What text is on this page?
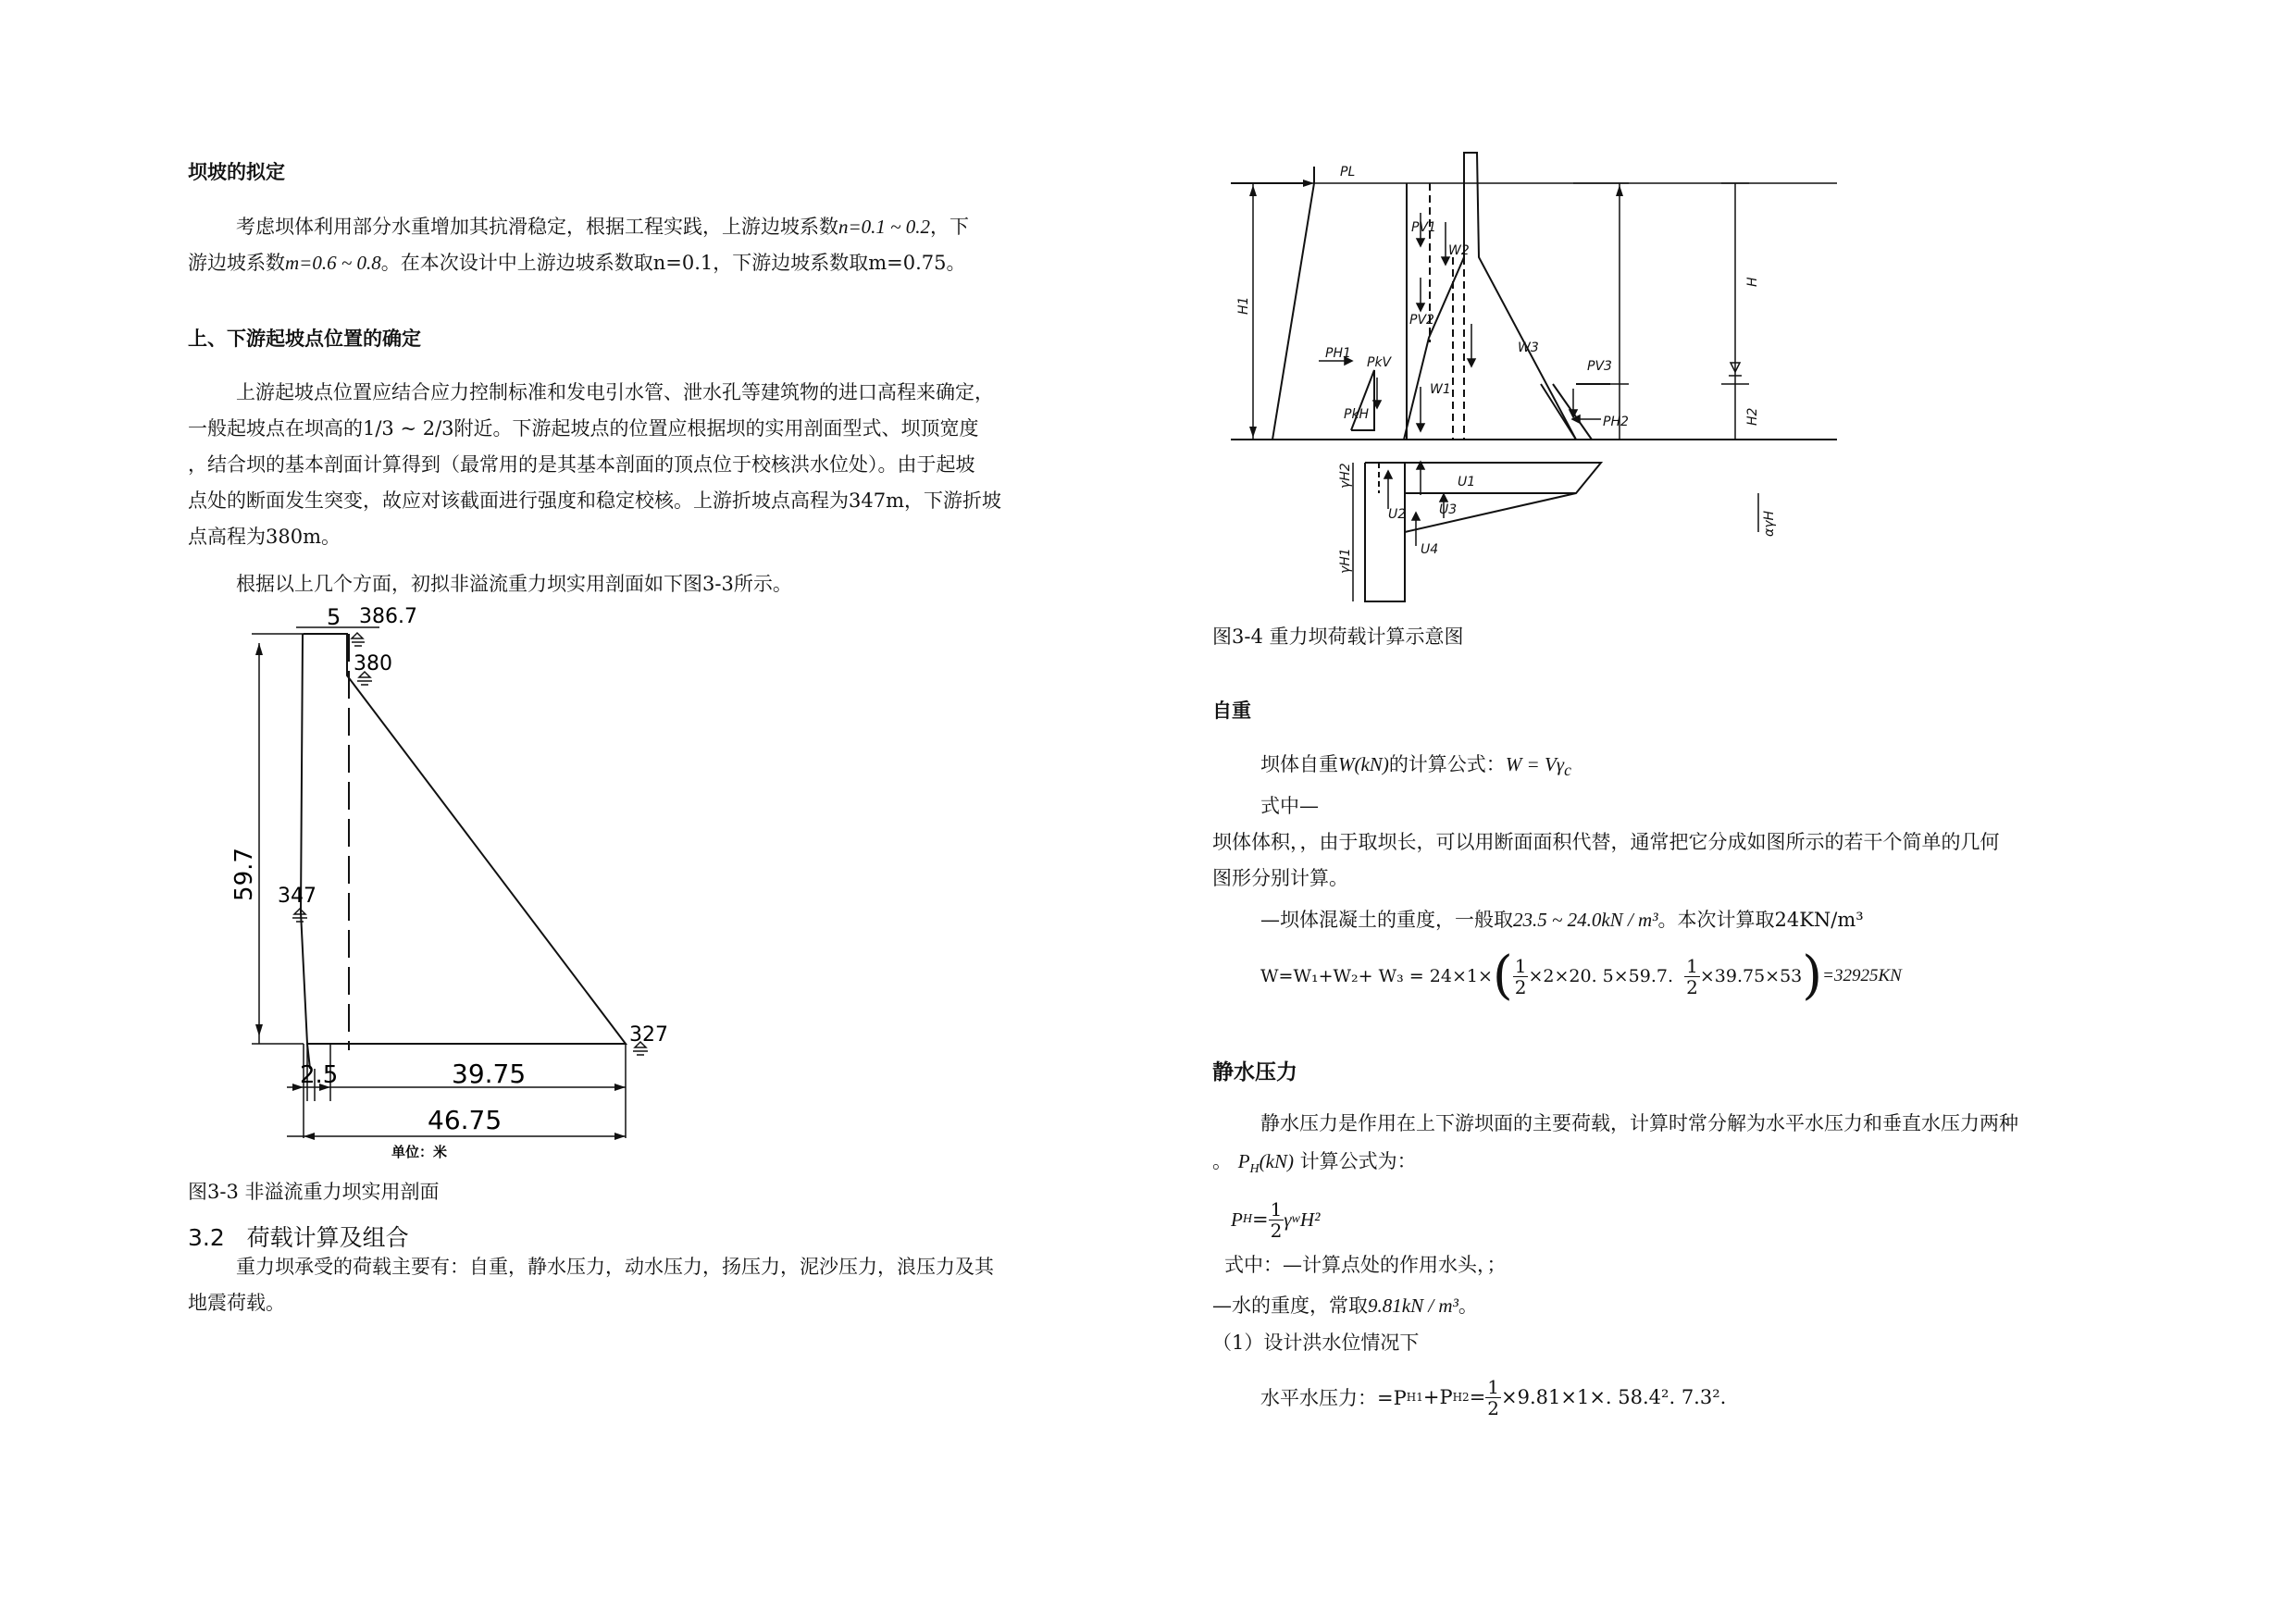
坝坡的拟定
考虑坝体利用部分水重增加其抗滑稳定，根据工程实践，上游边坡系数n=0.1 ~ 0.2，下
游边坡系数m=0.6 ~ 0.8。在本次设计中上游边坡系数取n=0.1，下游边坡系数取m=0.75。
上、下游起坡点位置的确定
上游起坡点位置应结合应力控制标准和发电引水管、泄水孔等建筑物的进口高程来确定，
一般起坡点在坝高的1/3 ~ 2/3附近。下游起坡点的位置应根据坝的实用剖面型式、坝顶宽度
，结合坝的基本剖面计算得到（最常用的是其基本剖面的顶点位于校核洪水位处）。由于起坡
点处的断面发生突变，故应对该截面进行强度和稳定校核。上游折坡点高程为347m，下游折坡
点高程为380m。
根据以上几个方面，初拟非溢流重力坝实用剖面如下图3-3所示。
5 386.7
380
59.7 347
327
2.5	39.75
46.75
单位：米
图3-3 非溢流重力坝实用剖面
3.2 荷载计算及组合
重力坝承受的荷载主要有：自重，静水压力，动水压力，扬压力，泥沙压力，浪压力及其
地震荷载。
PL
PV1
W2
H
H1
PV2
PH1
PkV
W3
PV3
W1
H2
PkH	PH2
U1
U2	U3
U4
γH2
γH1
αγH
图3-4 重力坝荷载计算示意图
自重
坝体自重W(kN)的计算公式：$W = V\gamma_c$
式中—
坝体体积，，由于取坝长，可以用断面面积代替，通常把它分成如图所示的若干个简单的几何
图形分别计算。
—坝体混凝土的重度，一般取23.5 ~ 24.0kN / m³。本次计算取24KN/m³
W=W₁+W₂+ W₃ = 24×1× ( $\frac{1}{2} \times 2\times 20$. 5×59.7.
$\frac{1}{2} \times 39.75\times 53$ ) =32925KN
静水压力
静水压力是作用在上下游坝面的主要荷载，计算时常分解为水平水压力和垂直水压力两种
。 $P_H(kN)$ 计算公式为：
P $H = \frac{1}{2}$ γ w H²
式中：—计算点处的作用水头，；
—水的重度，常取9.81kN / m³。
（1）设计洪水位情况下
水平水压力：=P H1 +P $H2 = \frac{1}{2} \times 9.81\times 1\times$. 58.4². 7.3².
